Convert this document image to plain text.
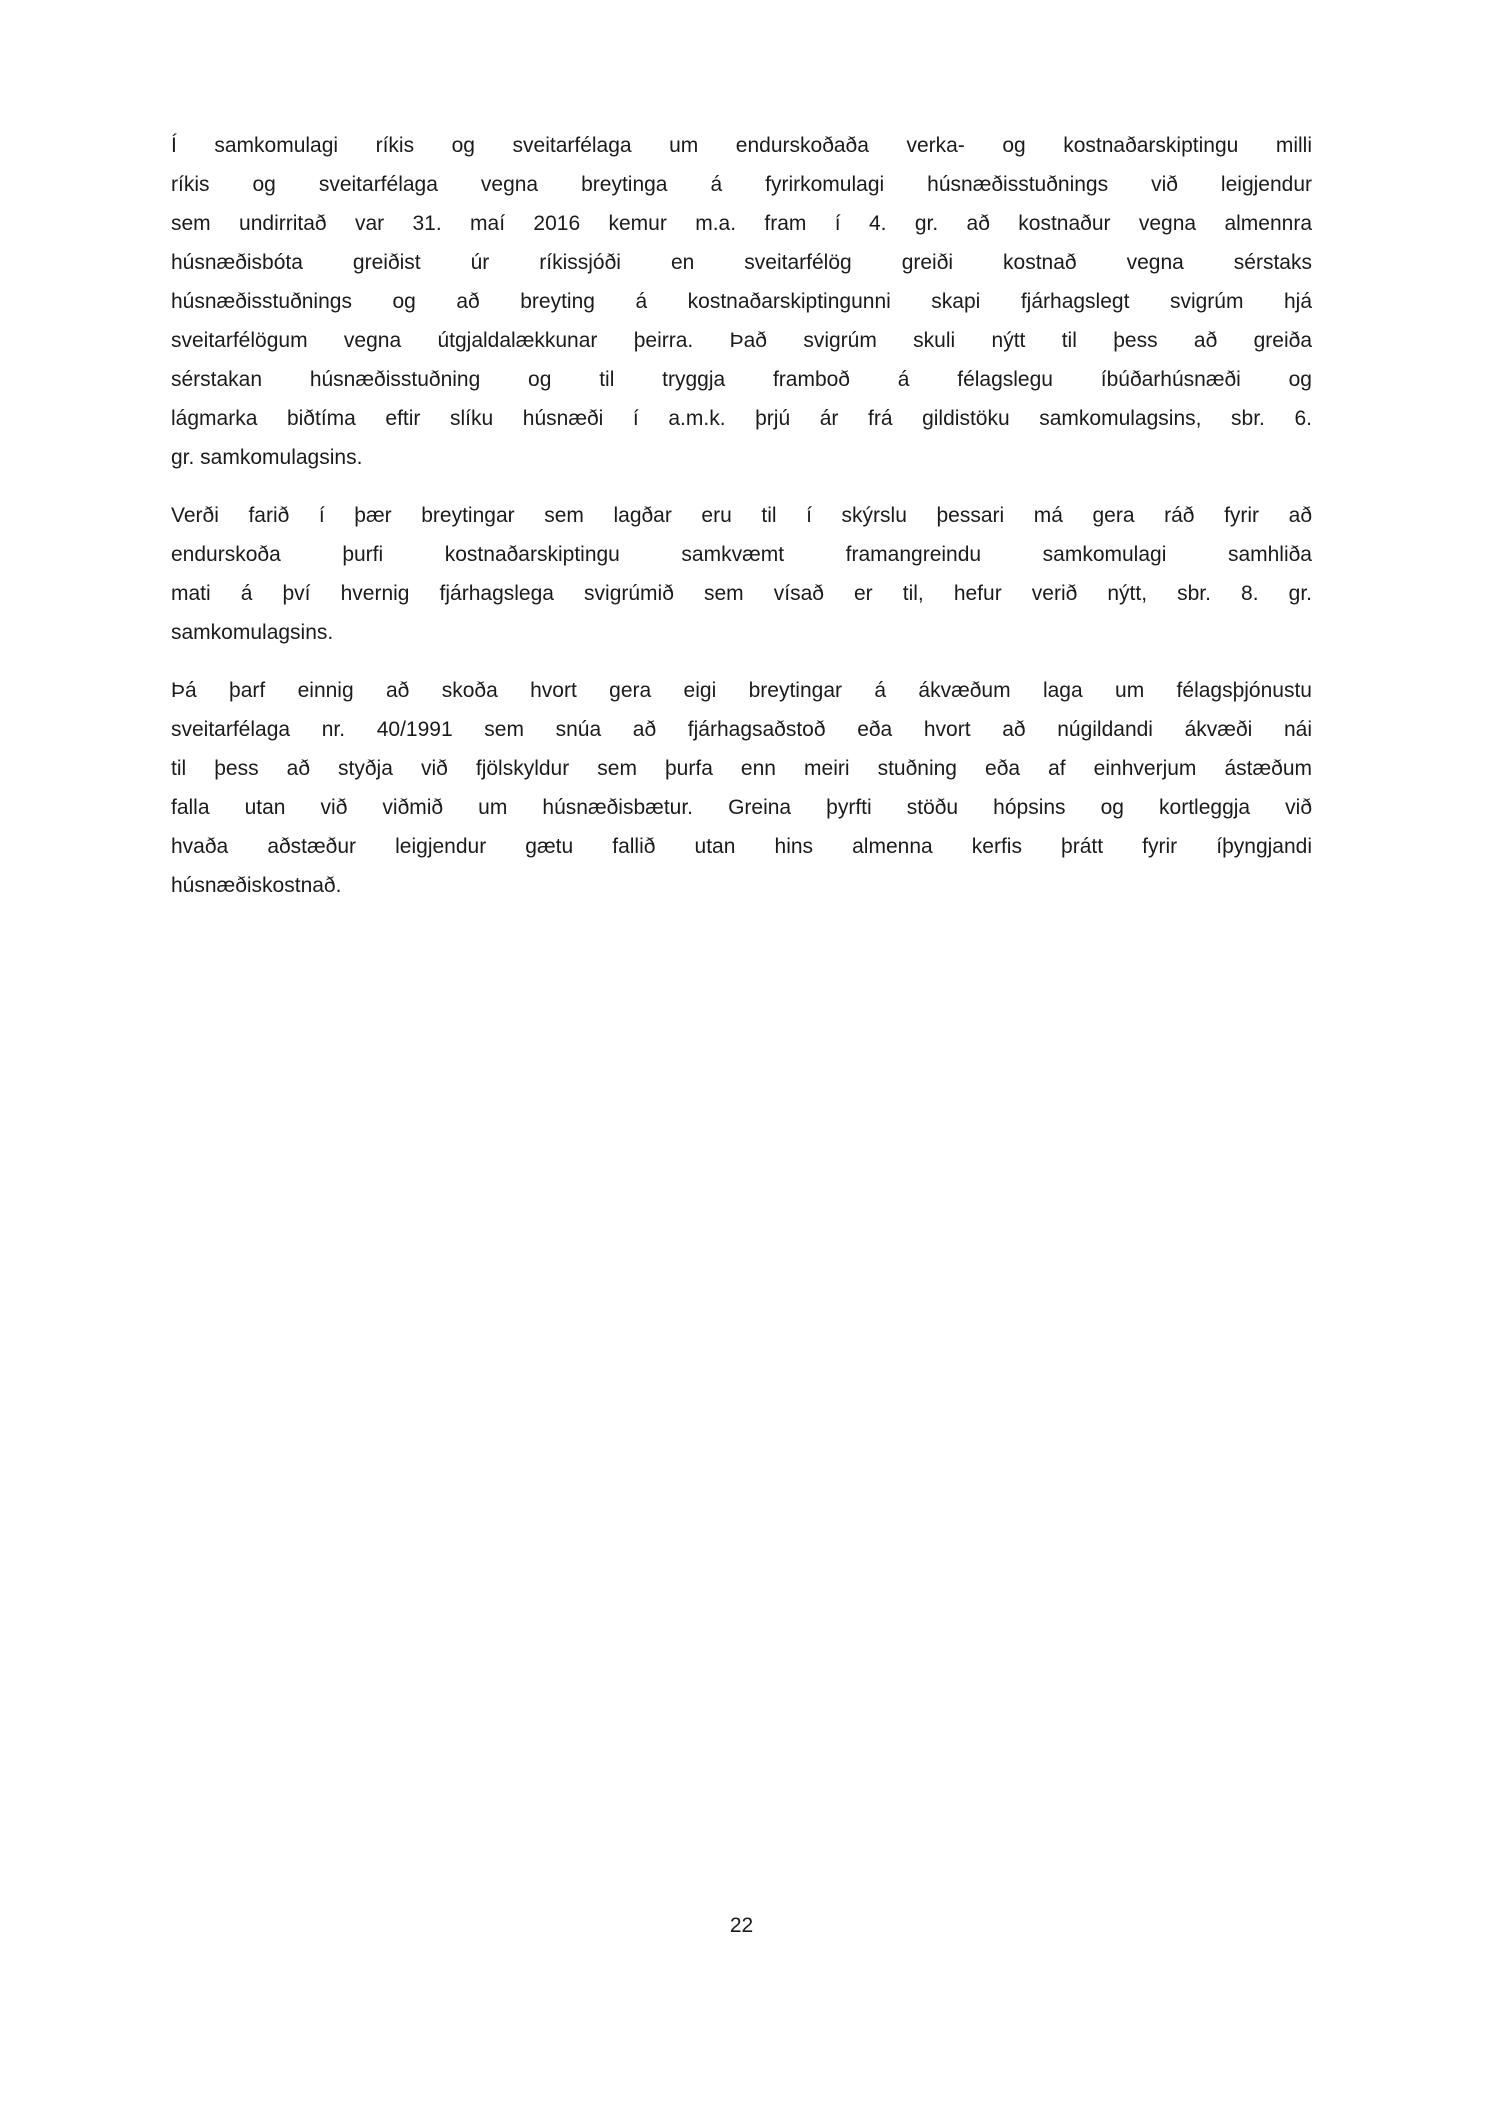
Í samkomulagi ríkis og sveitarfélaga um endurskoðaða verka- og kostnaðarskiptingu milli
ríkis og sveitarfélaga vegna breytinga á fyrirkomulagi húsnæðisstuðnings við leigjendur
sem undirritað var 31. maí 2016 kemur m.a. fram í 4. gr. að kostnaður vegna almennra
húsnæðisbóta greiðist úr ríkissjóði en sveitarfélög greiði kostnað vegna sérstaks
húsnæðisstuðnings og að breyting á kostnaðarskiptingunni skapi fjárhagslegt svigrúm hjá
sveitarfélögum vegna útgjaldalækkunar þeirra. Það svigrúm skuli nýtt til þess að greiða
sérstakan húsnæðisstuðning og til tryggja framboð á félagslegu íbúðarhúsnæði og
lágmarka biðtíma eftir slíku húsnæði í a.m.k. þrjú ár frá gildistöku samkomulagsins, sbr. 6.
gr. samkomulagsins.
Verði farið í þær breytingar sem lagðar eru til í skýrslu þessari má gera ráð fyrir að
endurskoða þurfi kostnaðarskiptingu samkvæmt framangreindu samkomulagi samhliða
mati á því hvernig fjárhagslega svigrúmið sem vísað er til, hefur verið nýtt, sbr. 8. gr.
samkomulagsins.
Þá þarf einnig að skoða hvort gera eigi breytingar á ákvæðum laga um félagsþjónustu
sveitarfélaga nr. 40/1991 sem snúa að fjárhagsaðstoð eða hvort að núgildandi ákvæði nái
til þess að styðja við fjölskyldur sem þurfa enn meiri stuðning eða af einhverjum ástæðum
falla utan við viðmið um húsnæðisbætur. Greina þyrfti stöðu hópsins og kortleggja við
hvaða aðstæður leigjendur gætu fallið utan hins almenna kerfis þrátt fyrir íþyngjandi
húsnæðiskostnað.
22
